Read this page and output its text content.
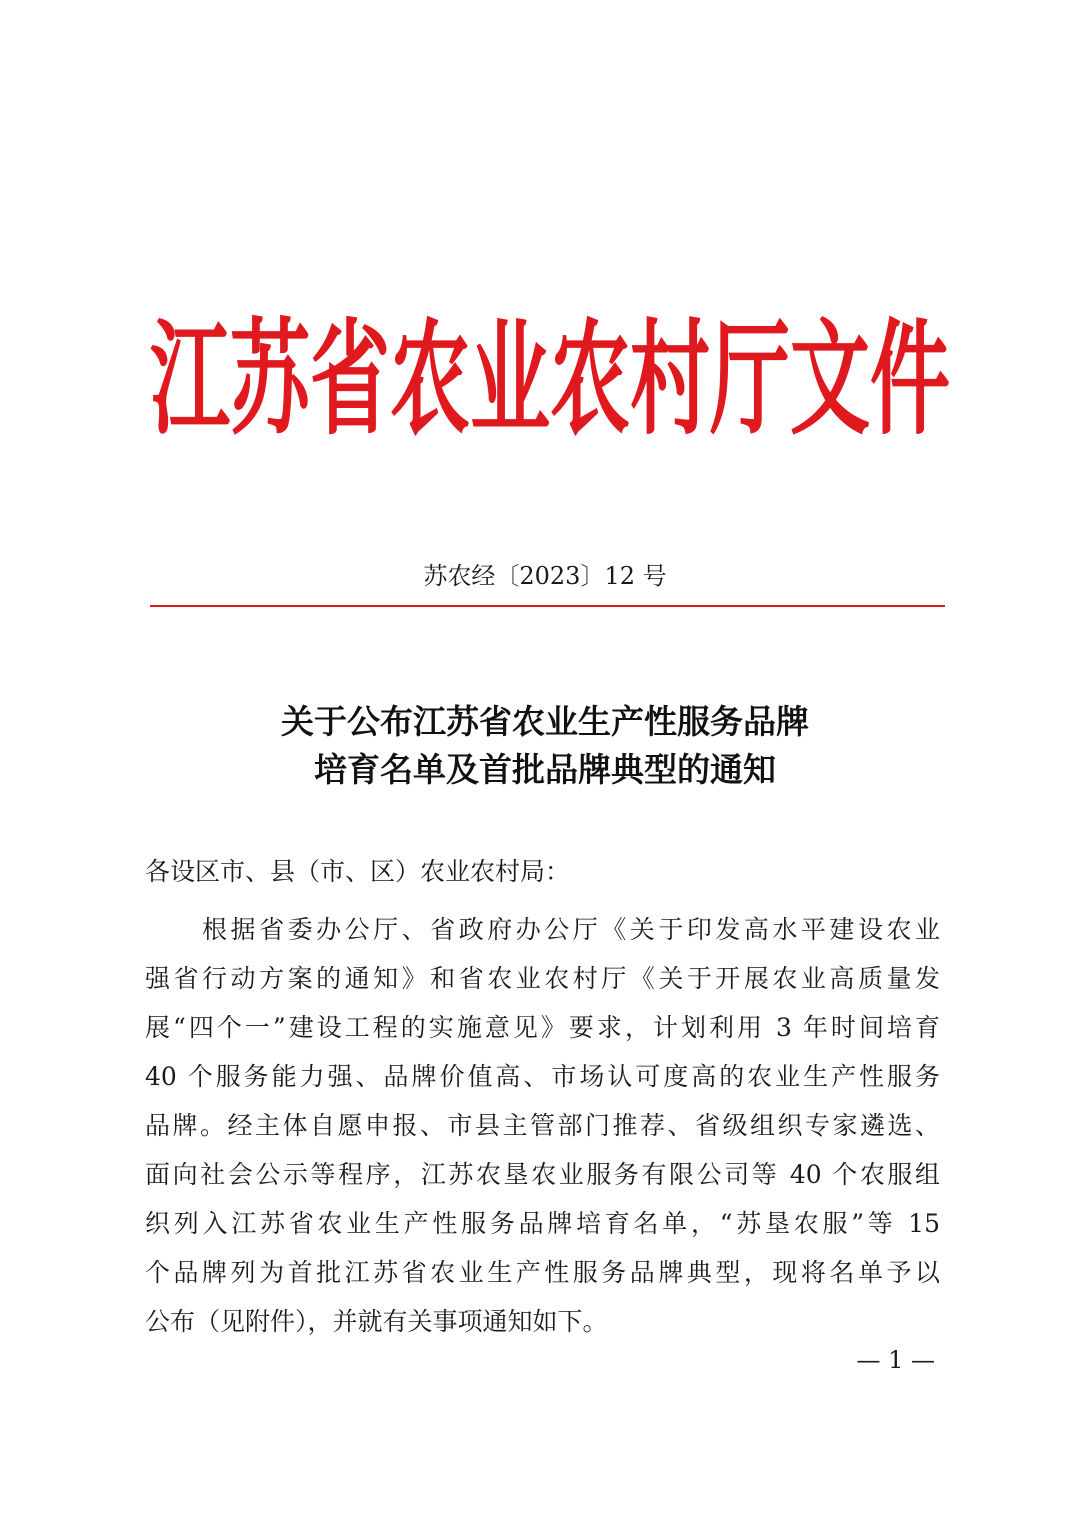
江苏省农业农村厅文件
苏农经〔2023〕12 号
关于公布江苏省农业生产性服务品牌
培育名单及首批品牌典型的通知
各设区市、县（市、区）农业农村局：
　　根据省委办公厅、省政府办公厅《关于印发高水平建设农业
强省行动方案的通知》和省农业农村厅《关于开展农业高质量发
展“四个一”建设工程的实施意见》要求，计划利用 3 年时间培育
40 个服务能力强、品牌价值高、市场认可度高的农业生产性服务
品牌。经主体自愿申报、市县主管部门推荐、省级组织专家遴选、
面向社会公示等程序，江苏农垦农业服务有限公司等 40 个农服组
织列入江苏省农业生产性服务品牌培育名单，“苏垦农服”等 15
个品牌列为首批江苏省农业生产性服务品牌典型，现将名单予以
公布（见附件），并就有关事项通知如下。
— 1 —
